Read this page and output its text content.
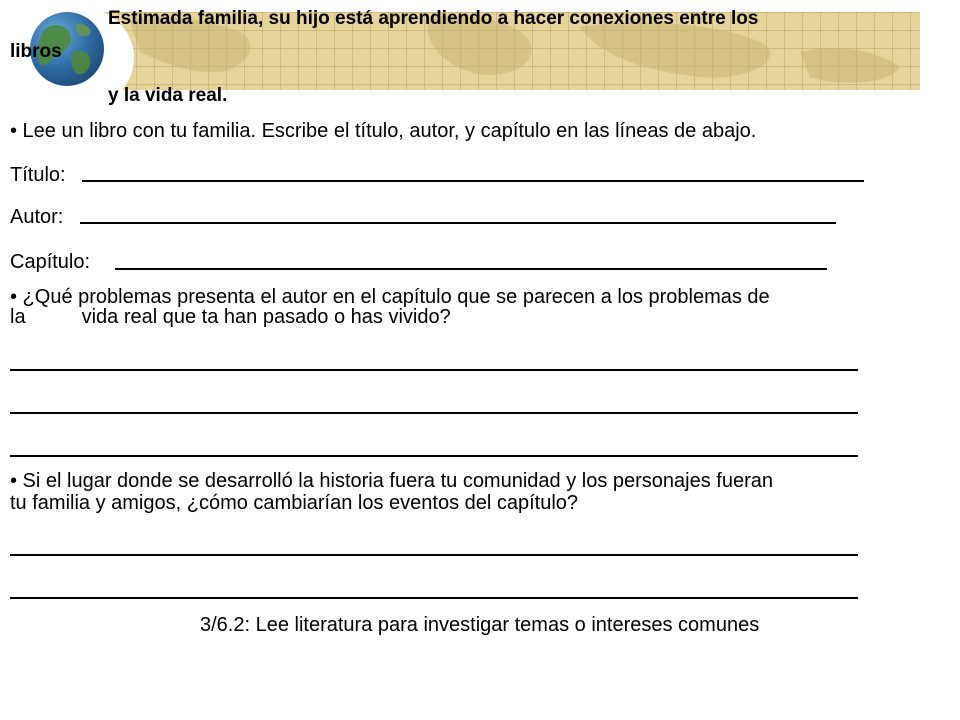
Estimada familia, su hijo está aprendiendo a hacer conexiones entre los
libros
y la vida real.
• Lee un libro con tu familia. Escribe el título, autor, y capítulo en las líneas de abajo.
Título:
Autor:
Capítulo:
• ¿Qué problemas presenta el autor en el capítulo que se parecen a los problemas de
la	vida real que ta han pasado o has vivido?
• Si el lugar donde se desarrolló la historia fuera tu comunidad y los personajes fueran
tu familia y amigos, ¿cómo cambiarían los eventos del capítulo?
3/6.2: Lee literatura para investigar temas o intereses comunes
